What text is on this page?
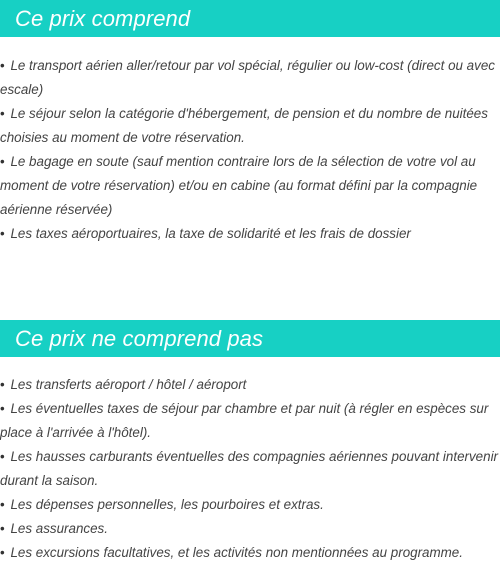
Ce prix comprend
• Le transport aérien aller/retour par vol spécial, régulier ou low-cost (direct ou avec escale)
• Le séjour selon la catégorie d'hébergement, de pension et du nombre de nuitées choisies au moment de votre réservation.
• Le bagage en soute (sauf mention contraire lors de la sélection de votre vol au moment de votre réservation) et/ou en cabine (au format défini par la compagnie aérienne réservée)
• Les taxes aéroportuaires, la taxe de solidarité et les frais de dossier
Ce prix ne comprend pas
• Les transferts aéroport / hôtel / aéroport
• Les éventuelles taxes de séjour par chambre et par nuit (à régler en espèces sur place à l'arrivée à l'hôtel).
• Les hausses carburants éventuelles des compagnies aériennes pouvant intervenir durant la saison.
• Les dépenses personnelles, les pourboires et extras.
• Les assurances.
• Les excursions facultatives, et les activités non mentionnées au programme.
